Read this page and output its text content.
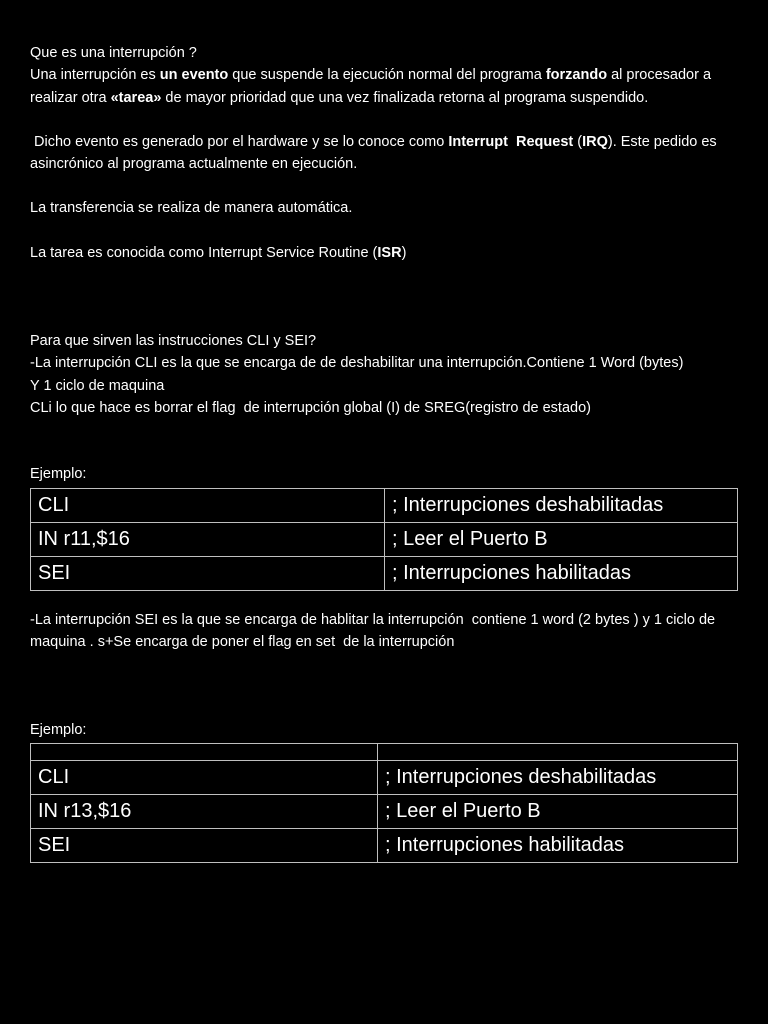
Que es una interrupción ?

Una interrupción es un evento que suspende la ejecución normal del programa forzando al procesador a realizar otra «tarea» de mayor prioridad que una vez finalizada retorna al programa suspendido.

Dicho evento es generado por el hardware y se lo conoce como Interrupt  Request (IRQ). Este pedido es asincrónico al programa actualmente en ejecución.

La transferencia se realiza de manera automática.

La tarea es conocida como Interrupt Service Routine (ISR)

Para que sirven las instrucciones CLI y SEI?

-La interrupción CLI es la que se encarga de de deshabilitar una interrupción.Contiene 1 Word (bytes)

Y 1 ciclo de maquina

CLi lo que hace es borrar el flag  de interrupción global (I) de SREG(registro de estado)

Ejemplo:

CLI	; Interrupciones deshabilitadas
IN r11,$16	; Leer el Puerto B
SEI	; Interrupciones habilitadas

-La interrupción SEI es la que se encarga de hablitar la interrupción  contiene 1 word (2 bytes ) y 1 ciclo de maquina . s+Se encarga de poner el flag en set  de la interrupción

Ejemplo:

CLI	; Interrupciones deshabilitadas
IN r13,$16	; Leer el Puerto B
SEI	; Interrupciones habilitadas
